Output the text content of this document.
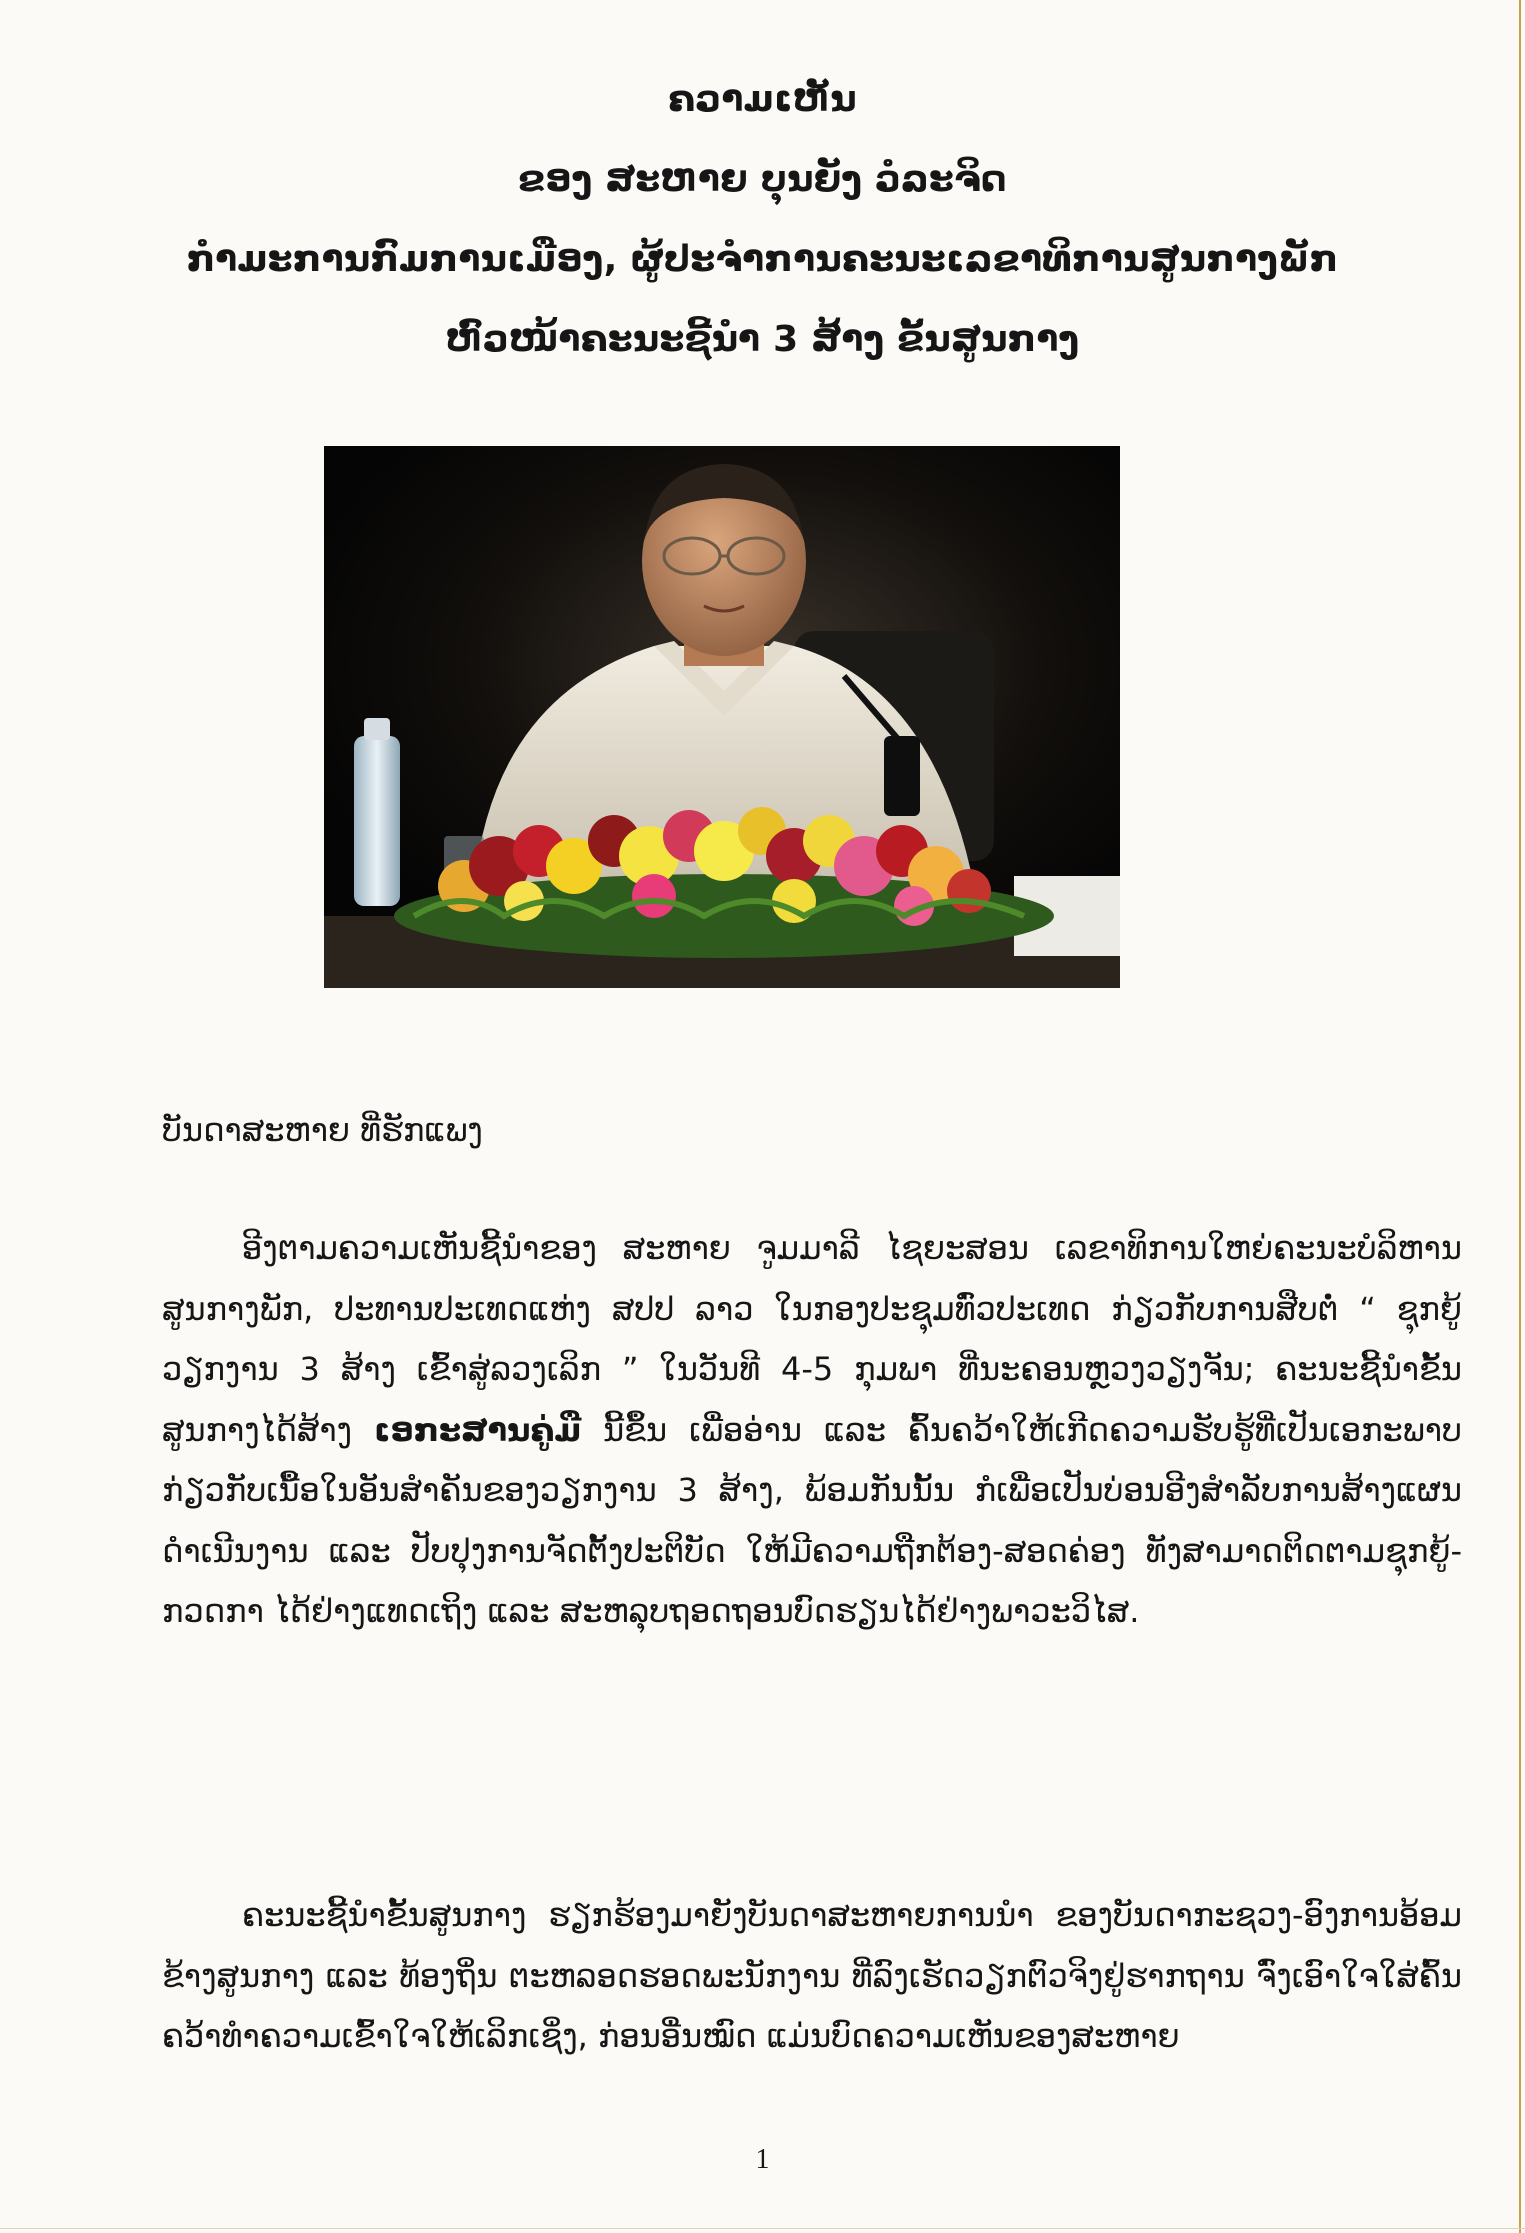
ຄວາມເຫັນ
ຂອງ ສະຫາຍ ບຸນຍັງ ວໍລະຈິດ
ກຳມະການກົມການເມືອງ, ຜູ້ປະຈຳການຄະນະເລຂາທິການສູນກາງພັກ
ຫົວໜ້າຄະນະຊີ້ນຳ 3 ສ້າງ ຂັ້ນສູນກາງ
ບັນດາສະຫາຍ ທີ່ຮັກແພງ

ອີງຕາມຄວາມເຫັນຊີ້ນຳຂອງ ສະຫາຍ ຈູມມາລີ ໄຊຍະສອນ ເລຂາທິການໃຫຍ່ຄະນະບໍລິຫານສູນກາງພັກ, ປະທານປະເທດແຫ່ງ ສປປ ລາວ ໃນກອງປະຊຸມທົ່ວປະເທດ ກ່ຽວກັບການສືບຕໍ່ “ ຊຸກຍູ້ວຽກງານ 3 ສ້າງ ເຂົ້າສູ່ລວງເລິກ ” ໃນວັນທີ 4-5 ກຸມພາ ທີ່ນະຄອນຫຼວງວຽງຈັນ; ຄະນະຊີ້ນຳຂັ້ນສູນກາງໄດ້ສ້າງ ເອກະສານຄູ່ມື ນີ້ຂຶ້ນ ເພື່ອອ່ານ ແລະ ຄົ້ນຄວ້າໃຫ້ເກີດຄວາມຮັບຮູ້ທີ່ເປັນເອກະພາບ ກ່ຽວກັບເນື້ອໃນອັນສຳຄັນຂອງວຽກງານ 3 ສ້າງ, ພ້ອມກັນນັ້ນ ກໍເພື່ອເປັນບ່ອນອີງສຳລັບການສ້າງແຜນດຳເນີນງານ ແລະ ປັບປຸງການຈັດຕັ້ງປະຕິບັດ ໃຫ້ມີຄວາມຖືກຕ້ອງ-ສອດຄ່ອງ ທັງສາມາດຕິດຕາມຊຸກຍູ້-ກວດກາ ໄດ້ຢ່າງແທດເຖິງ ແລະ ສະຫລຸບຖອດຖອນບົດຮຽນໄດ້ຢ່າງພາວະວິໄສ.

ຄະນະຊີ້ນຳຂັ້ນສູນກາງ ຮຽກຮ້ອງມາຍັງບັນດາສະຫາຍການນຳ ຂອງບັນດາກະຊວງ-ອົງການອ້ອມຂ້າງສູນກາງ ແລະ ທ້ອງຖິ່ນ ຕະຫລອດຮອດພະນັກງານ ທີ່ລົງເຮັດວຽກຕົວຈິງຢູ່ຮາກຖານ ຈົ່ງເອົາໃຈໃສ່ຄົ້ນຄວ້າທຳຄວາມເຂົ້າໃຈໃຫ້ເລິກເຊິ່ງ, ກ່ອນອື່ນໝົດ ແມ່ນບົດຄວາມເຫັນຂອງສະຫາຍ

1
